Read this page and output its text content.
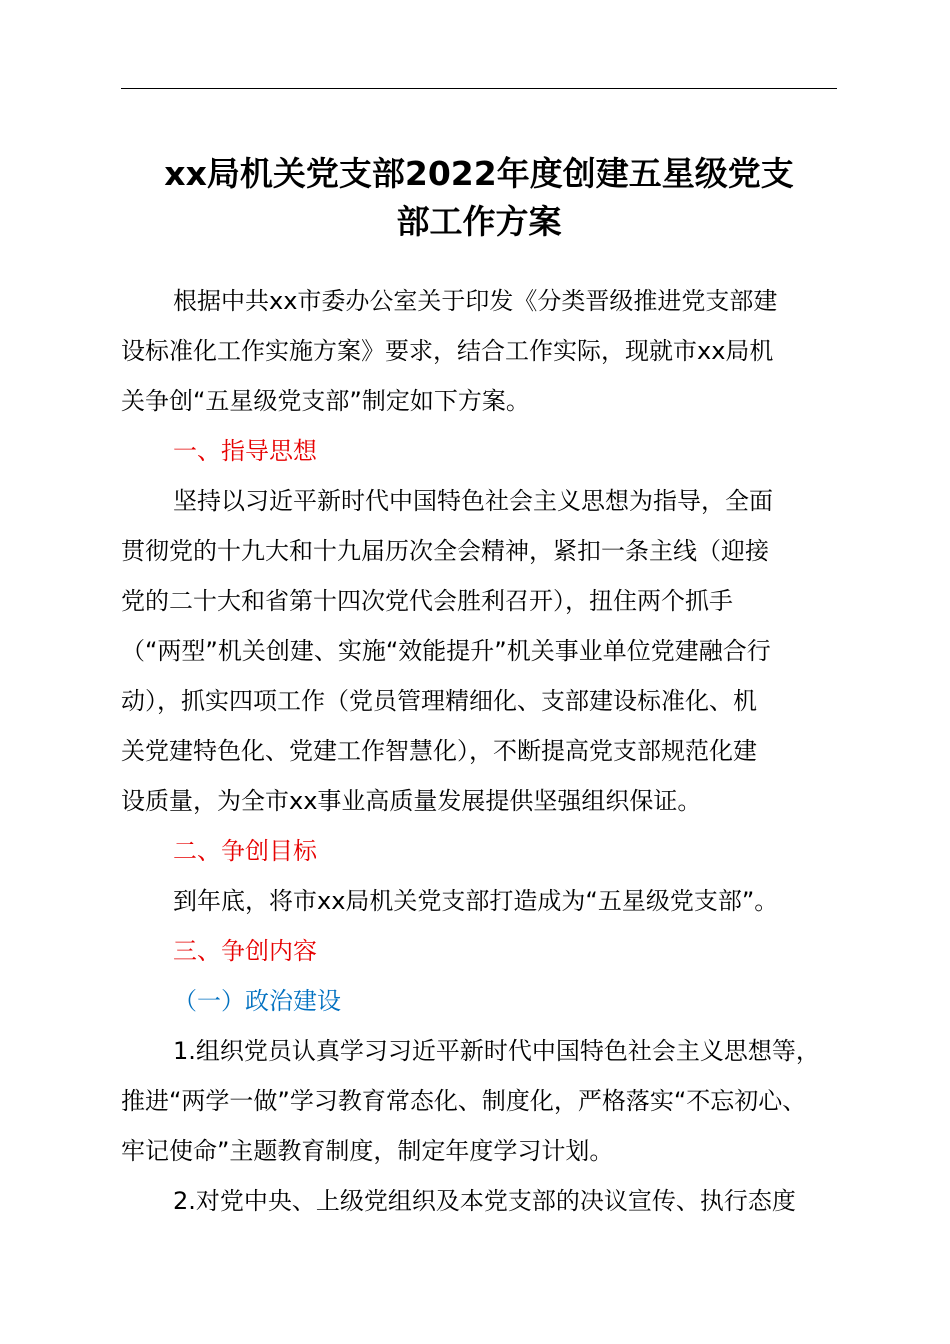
xx局机关党支部2022年度创建五星级党支
部工作方案

根据中共xx市委办公室关于印发《分类晋级推进党支部建
设标准化工作实施方案》要求，结合工作实际，现就市xx局机
关争创“五星级党支部”制定如下方案。

一、指导思想

坚持以习近平新时代中国特色社会主义思想为指导，全面
贯彻党的十九大和十九届历次全会精神，紧扣一条主线（迎接
党的二十大和省第十四次党代会胜利召开），扭住两个抓手
（“两型”机关创建、实施“效能提升”机关事业单位党建融合行
动），抓实四项工作（党员管理精细化、支部建设标准化、机
关党建特色化、党建工作智慧化），不断提高党支部规范化建
设质量，为全市xx事业高质量发展提供坚强组织保证。

二、争创目标

到年底，将市xx局机关党支部打造成为“五星级党支部”。

三、争创内容

（一）政治建设

1.组织党员认真学习习近平新时代中国特色社会主义思想等，
推进“两学一做”学习教育常态化、制度化，严格落实“不忘初心、
牢记使命”主题教育制度，制定年度学习计划。

2.对党中央、上级党组织及本党支部的决议宣传、执行态度
